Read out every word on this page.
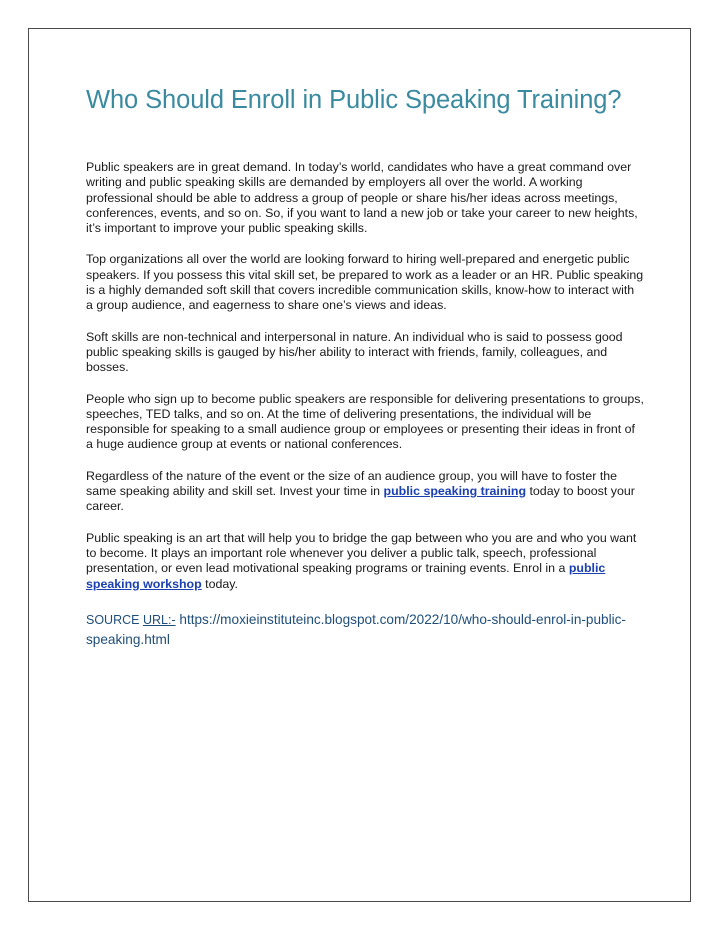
Who Should Enroll in Public Speaking Training?

Public speakers are in great demand. In today’s world, candidates who have a great command over writing and public speaking skills are demanded by employers all over the world. A working professional should be able to address a group of people or share his/her ideas across meetings, conferences, events, and so on. So, if you want to land a new job or take your career to new heights, it’s important to improve your public speaking skills.

Top organizations all over the world are looking forward to hiring well-prepared and energetic public speakers. If you possess this vital skill set, be prepared to work as a leader or an HR. Public speaking is a highly demanded soft skill that covers incredible communication skills, know-how to interact with a group audience, and eagerness to share one’s views and ideas.

Soft skills are non-technical and interpersonal in nature. An individual who is said to possess good public speaking skills is gauged by his/her ability to interact with friends, family, colleagues, and bosses.

People who sign up to become public speakers are responsible for delivering presentations to groups, speeches, TED talks, and so on. At the time of delivering presentations, the individual will be responsible for speaking to a small audience group or employees or presenting their ideas in front of a huge audience group at events or national conferences.

Regardless of the nature of the event or the size of an audience group, you will have to foster the same speaking ability and skill set. Invest your time in public speaking training today to boost your career.

Public speaking is an art that will help you to bridge the gap between who you are and who you want to become. It plays an important role whenever you deliver a public talk, speech, professional presentation, or even lead motivational speaking programs or training events. Enrol in a public speaking workshop today.

SOURCE URL:- https://moxieinstituteinc.blogspot.com/2022/10/who-should-enrol-in-public-speaking.html
